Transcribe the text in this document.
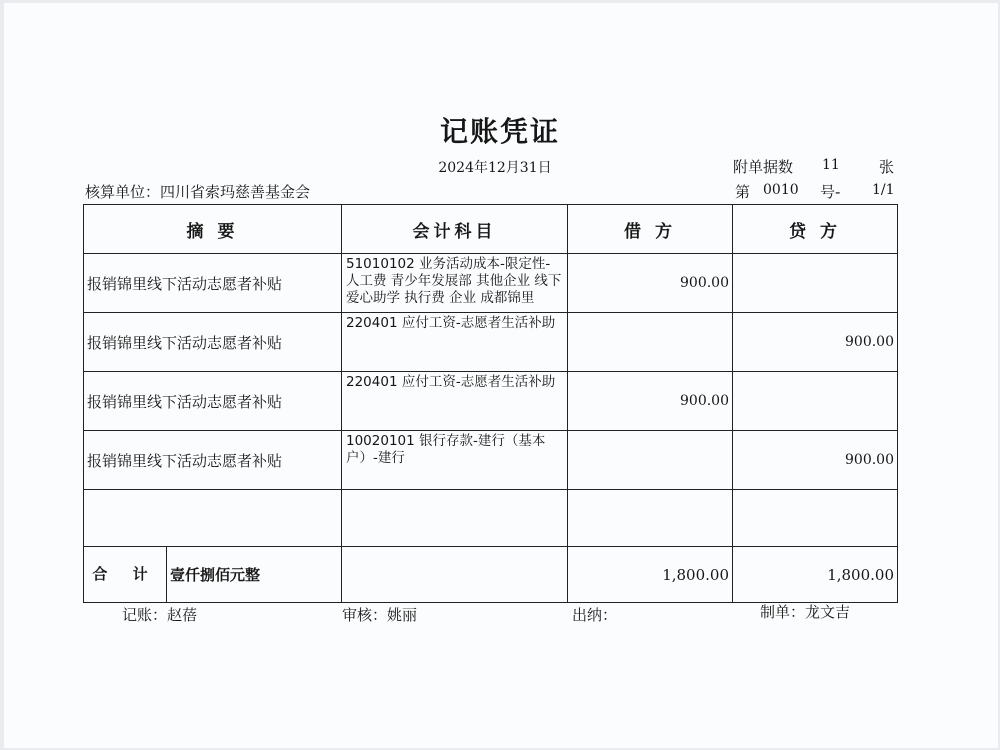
记账凭证
2024年12月31日	附单据数 11	张
核算单位：四川省索玛慈善基金会	第 0010 号- 1/1
摘 要	会计科目	借 方	贷 方
报销锦里线下活动志愿者补贴	51010102 业务活动成本-限定性-人工费 青少年发展部 其他企业 线下爱心助学 执行费 企业 成都锦里	900.00	
报销锦里线下活动志愿者补贴	220401 应付工资-志愿者生活补助		900.00
报销锦里线下活动志愿者补贴	220401 应付工资-志愿者生活补助	900.00	
报销锦里线下活动志愿者补贴	10020101 银行存款-建行（基本户）-建行		900.00

合 计 壹仟捌佰元整		1,800.00	1,800.00
记账：赵蓓	审核：姚丽	出纳：	制单：龙文吉
